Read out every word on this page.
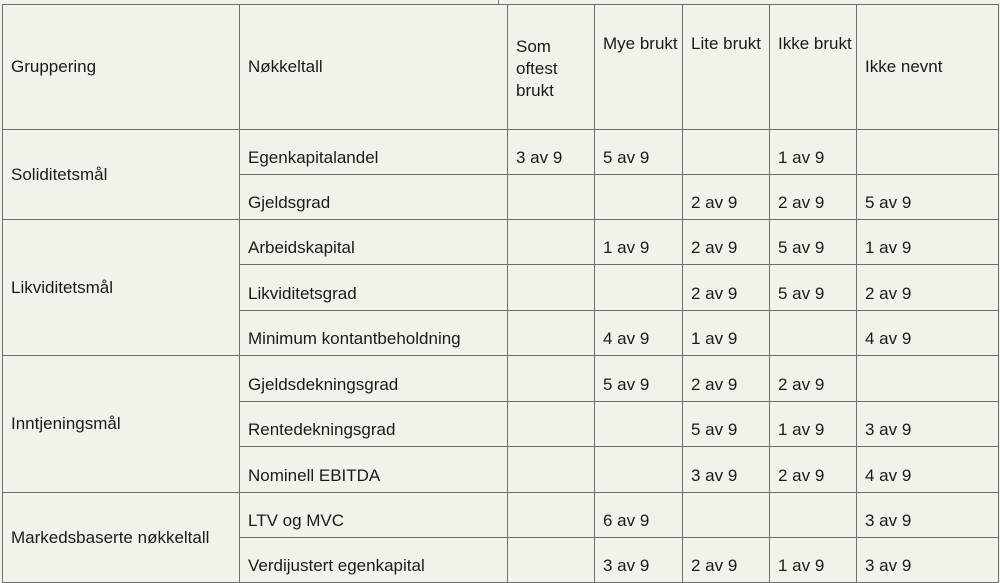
Gruppering	Nøkkeltall	Som oftest brukt	Mye brukt	Lite brukt	Ikke brukt	Ikke nevnt
Soliditetsmål	Egenkapitalandel	3 av 9	5 av 9		1 av 9	
	Gjeldsgrad			2 av 9	2 av 9	5 av 9
Likviditetsmål	Arbeidskapital		1 av 9	2 av 9	5 av 9	1 av 9
	Likviditetsgrad			2 av 9	5 av 9	2 av 9
	Minimum kontantbeholdning		4 av 9	1 av 9		4 av 9
Inntjeningsmål	Gjeldsdekningsgrad		5 av 9	2 av 9	2 av 9	
	Rentedekningsgrad			5 av 9	1 av 9	3 av 9
	Nominell EBITDA			3 av 9	2 av 9	4 av 9
Markedsbaserte nøkkeltall	LTV og MVC		6 av 9			3 av 9
	Verdijustert egenkapital		3 av 9	2 av 9	1 av 9	3 av 9
